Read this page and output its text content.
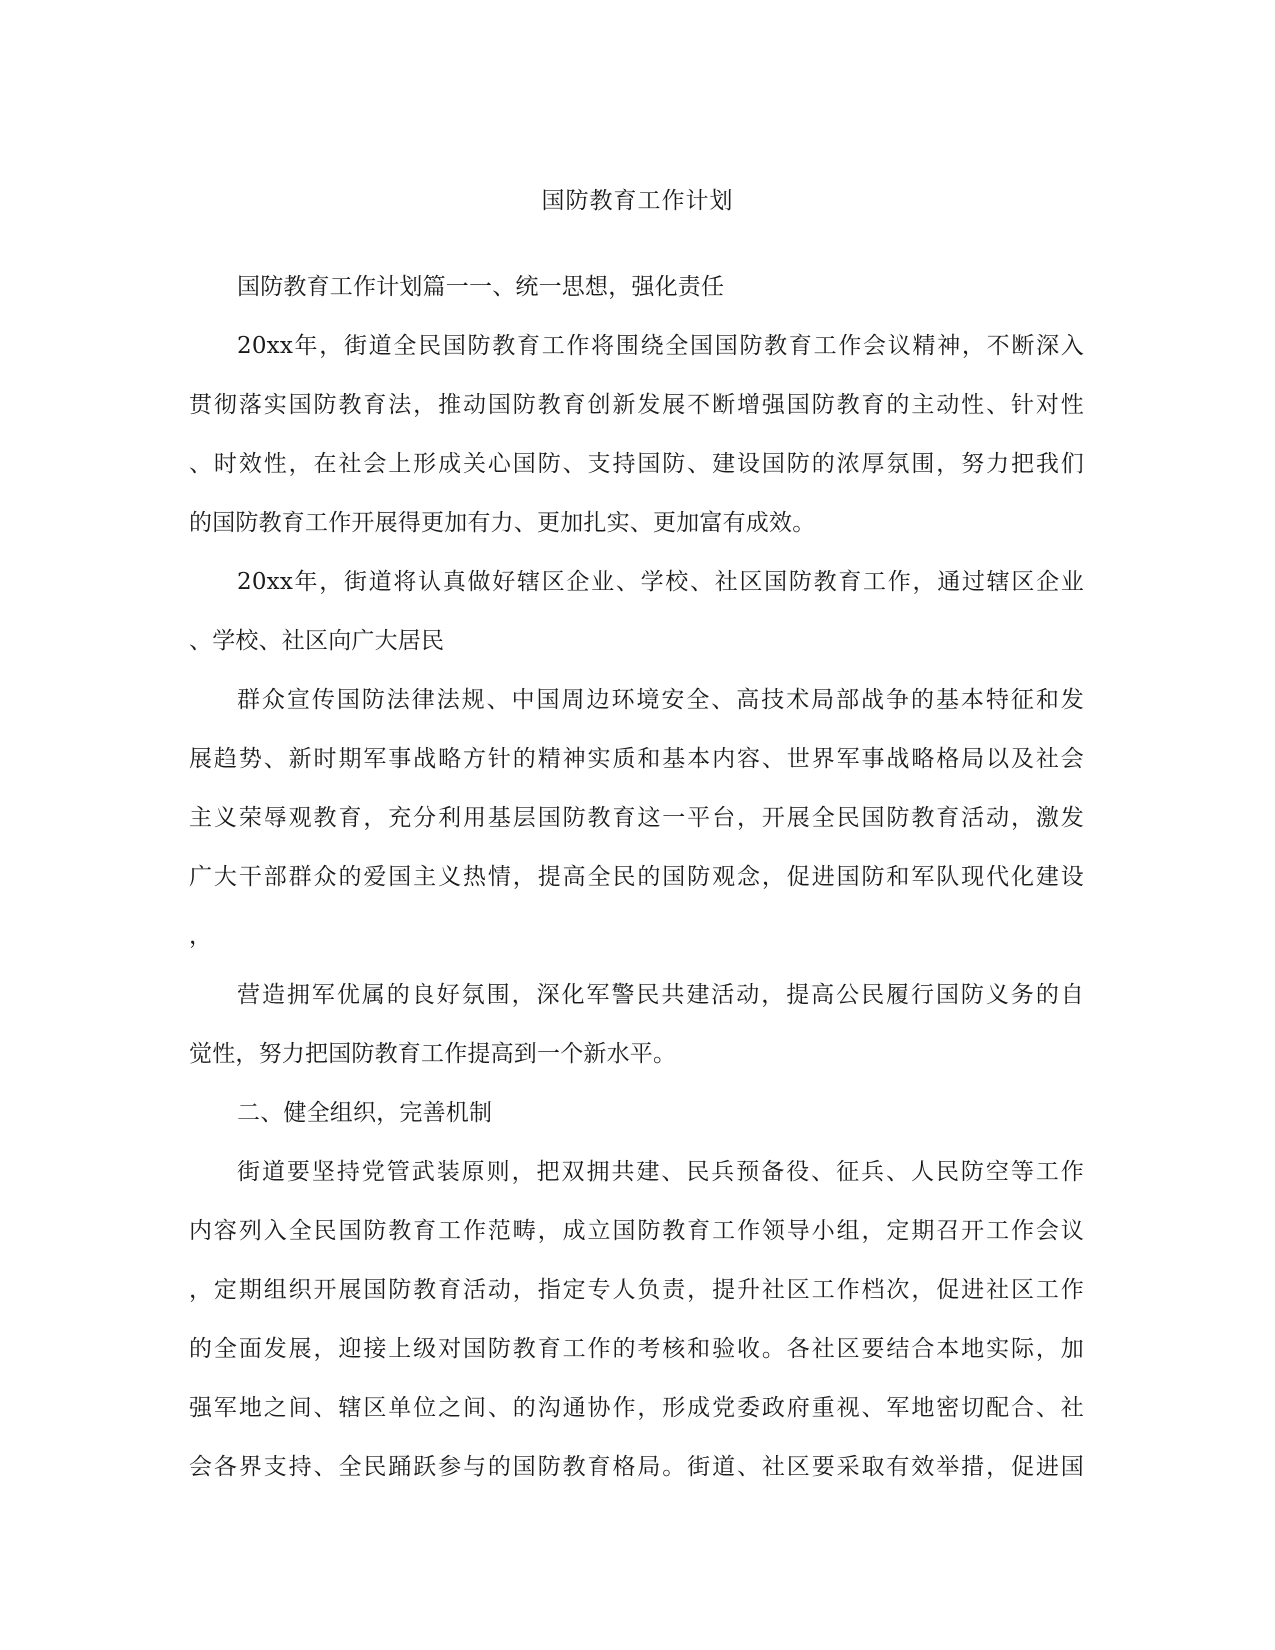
国防教育工作计划
国防教育工作计划篇一一、统一思想，强化责任
20xx年，街道全民国防教育工作将围绕全国国防教育工作会议精神，不断深入
贯彻落实国防教育法，推动国防教育创新发展不断增强国防教育的主动性、针对性
、时效性，在社会上形成关心国防、支持国防、建设国防的浓厚氛围，努力把我们
的国防教育工作开展得更加有力、更加扎实、更加富有成效。
20xx年，街道将认真做好辖区企业、学校、社区国防教育工作，通过辖区企业
、学校、社区向广大居民
群众宣传国防法律法规、中国周边环境安全、高技术局部战争的基本特征和发
展趋势、新时期军事战略方针的精神实质和基本内容、世界军事战略格局以及社会
主义荣辱观教育，充分利用基层国防教育这一平台，开展全民国防教育活动，激发
广大干部群众的爱国主义热情，提高全民的国防观念，促进国防和军队现代化建设
，
营造拥军优属的良好氛围，深化军警民共建活动，提高公民履行国防义务的自
觉性，努力把国防教育工作提高到一个新水平。
二、健全组织，完善机制
街道要坚持党管武装原则，把双拥共建、民兵预备役、征兵、人民防空等工作
内容列入全民国防教育工作范畴，成立国防教育工作领导小组，定期召开工作会议
，定期组织开展国防教育活动，指定专人负责，提升社区工作档次，促进社区工作
的全面发展，迎接上级对国防教育工作的考核和验收。各社区要结合本地实际，加
强军地之间、辖区单位之间、的沟通协作，形成党委政府重视、军地密切配合、社
会各界支持、全民踊跃参与的国防教育格局。街道、社区要采取有效举措，促进国
